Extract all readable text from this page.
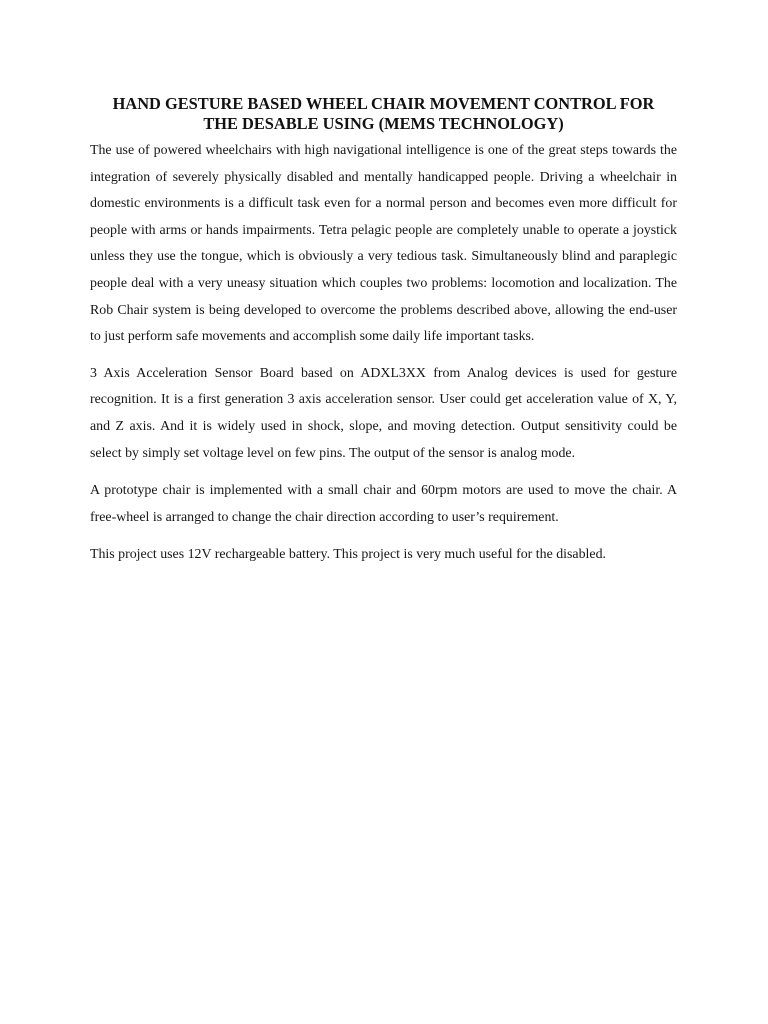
HAND GESTURE BASED WHEEL CHAIR MOVEMENT CONTROL FOR
THE DESABLE USING (MEMS TECHNOLOGY)

The use of powered wheelchairs with high navigational intelligence is one of the great steps towards the integration of severely physically disabled and mentally handicapped people. Driving a wheelchair in domestic environments is a difficult task even for a normal person and becomes even more difficult for people with arms or hands impairments. Tetra pelagic people are completely unable to operate a joystick unless they use the tongue, which is obviously a very tedious task. Simultaneously blind and paraplegic people deal with a very uneasy situation which couples two problems: locomotion and localization. The Rob Chair system is being developed to overcome the problems described above, allowing the end-user to just perform safe movements and accomplish some daily life important tasks.

3 Axis Acceleration Sensor Board based on ADXL3XX from Analog devices is used for gesture recognition. It is a first generation 3 axis acceleration sensor. User could get acceleration value of X, Y, and Z axis. And it is widely used in shock, slope, and moving detection. Output sensitivity could be select by simply set voltage level on few pins. The output of the sensor is analog mode.

A prototype chair is implemented with a small chair and 60rpm motors are used to move the chair. A free-wheel is arranged to change the chair direction according to user’s requirement.

This project uses 12V rechargeable battery. This project is very much useful for the disabled.
